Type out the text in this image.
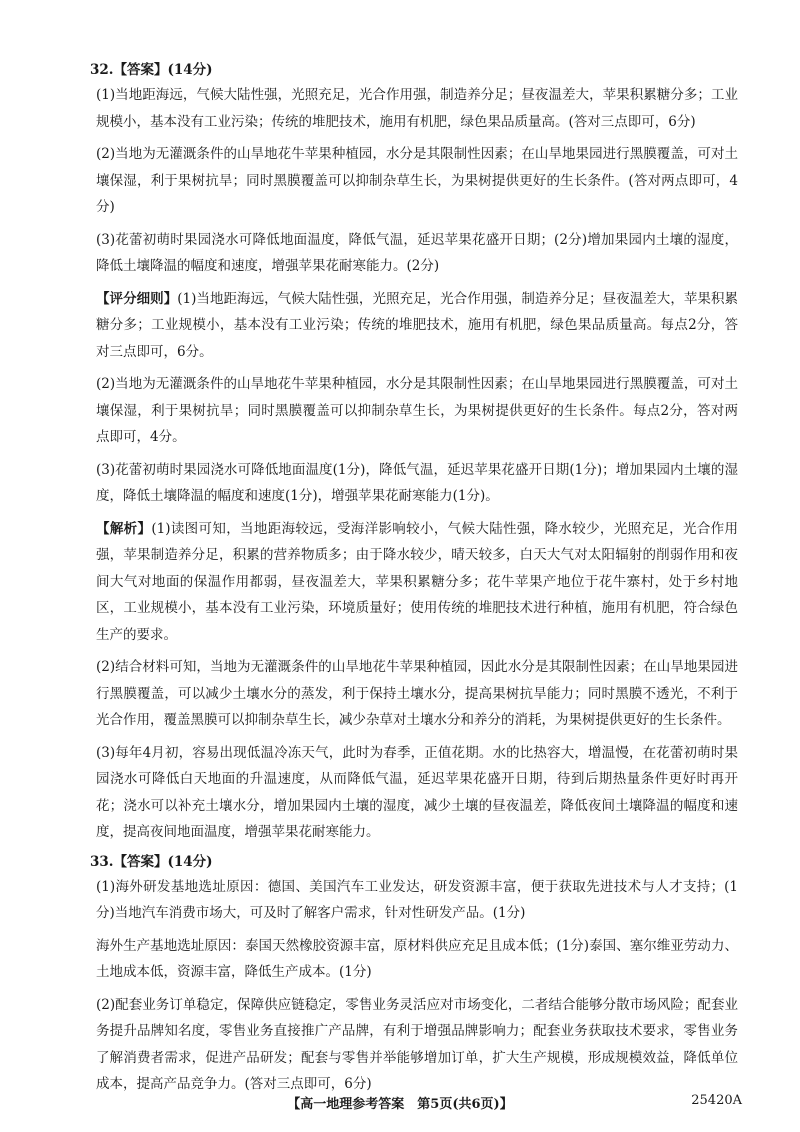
32.【答案】(14分)

(1)当地距海远，气候大陆性强，光照充足，光合作用强，制造养分足；昼夜温差大，苹果积累糖分多；工业规模小，基本没有工业污染；传统的堆肥技术，施用有机肥，绿色果品质量高。(答对三点即可，6分)

(2)当地为无灌溉条件的山旱地花牛苹果种植园，水分是其限制性因素；在山旱地果园进行黑膜覆盖，可对土壤保湿，利于果树抗旱；同时黑膜覆盖可以抑制杂草生长，为果树提供更好的生长条件。(答对两点即可，4分)

(3)花蕾初萌时果园浇水可降低地面温度，降低气温，延迟苹果花盛开日期；(2分)增加果园内土壤的湿度，降低土壤降温的幅度和速度，增强苹果花耐寒能力。(2分)

【评分细则】(1)当地距海远，气候大陆性强，光照充足，光合作用强，制造养分足；昼夜温差大，苹果积累糖分多；工业规模小，基本没有工业污染；传统的堆肥技术，施用有机肥，绿色果品质量高。每点2分，答对三点即可，6分。

(2)当地为无灌溉条件的山旱地花牛苹果种植园，水分是其限制性因素；在山旱地果园进行黑膜覆盖，可对土壤保湿，利于果树抗旱；同时黑膜覆盖可以抑制杂草生长，为果树提供更好的生长条件。每点2分，答对两点即可，4分。

(3)花蕾初萌时果园浇水可降低地面温度(1分)，降低气温，延迟苹果花盛开日期(1分)；增加果园内土壤的湿度，降低土壤降温的幅度和速度(1分)，增强苹果花耐寒能力(1分)。

【解析】(1)读图可知，当地距海较远，受海洋影响较小，气候大陆性强，降水较少，光照充足，光合作用强，苹果制造养分足，积累的营养物质多；由于降水较少，晴天较多，白天大气对太阳辐射的削弱作用和夜间大气对地面的保温作用都弱，昼夜温差大，苹果积累糖分多；花牛苹果产地位于花牛寨村，处于乡村地区，工业规模小，基本没有工业污染，环境质量好；使用传统的堆肥技术进行种植，施用有机肥，符合绿色生产的要求。

(2)结合材料可知，当地为无灌溉条件的山旱地花牛苹果种植园，因此水分是其限制性因素；在山旱地果园进行黑膜覆盖，可以减少土壤水分的蒸发，利于保持土壤水分，提高果树抗旱能力；同时黑膜不透光，不利于光合作用，覆盖黑膜可以抑制杂草生长，减少杂草对土壤水分和养分的消耗，为果树提供更好的生长条件。

(3)每年4月初，容易出现低温冷冻天气，此时为春季，正值花期。水的比热容大，增温慢，在花蕾初萌时果园浇水可降低白天地面的升温速度，从而降低气温，延迟苹果花盛开日期，待到后期热量条件更好时再开花；浇水可以补充土壤水分，增加果园内土壤的湿度，减少土壤的昼夜温差，降低夜间土壤降温的幅度和速度，提高夜间地面温度，增强苹果花耐寒能力。

33.【答案】(14分)

(1)海外研发基地选址原因：德国、美国汽车工业发达，研发资源丰富，便于获取先进技术与人才支持；(1分)当地汽车消费市场大，可及时了解客户需求，针对性研发产品。(1分)

海外生产基地选址原因：泰国天然橡胶资源丰富，原材料供应充足且成本低；(1分)泰国、塞尔维亚劳动力、土地成本低，资源丰富，降低生产成本。(1分)

(2)配套业务订单稳定，保障供应链稳定，零售业务灵活应对市场变化，二者结合能够分散市场风险；配套业务提升品牌知名度，零售业务直接推广产品牌，有利于增强品牌影响力；配套业务获取技术要求，零售业务了解消费者需求，促进产品研发；配套与零售并举能够增加订单，扩大生产规模，形成规模效益，降低单位成本，提高产品竞争力。(答对三点即可，6分)

【高一地理参考答案　第5页(共6页)】	25420A
